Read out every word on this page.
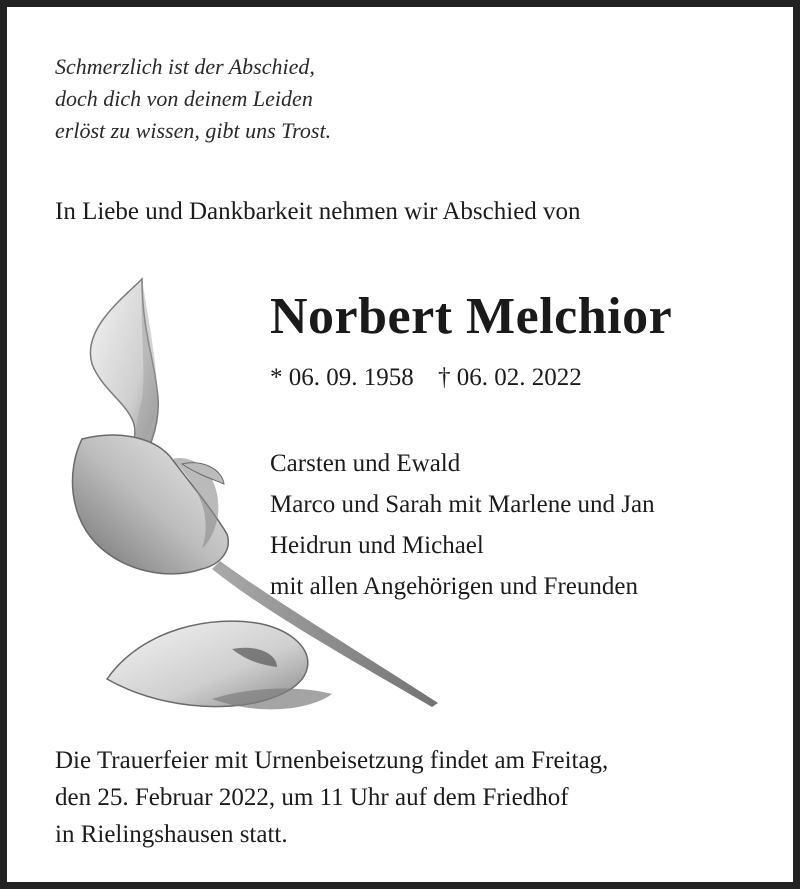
Schmerzlich ist der Abschied,
doch dich von deinem Leiden
erlöst zu wissen, gibt uns Trost.
In Liebe und Dankbarkeit nehmen wir Abschied von
Norbert Melchior
* 06. 09. 1958 † 06. 02. 2022
Carsten und Ewald
Marco und Sarah mit Marlene und Jan
Heidrun und Michael
mit allen Angehörigen und Freunden
Die Trauerfeier mit Urnenbeisetzung findet am Freitag,
den 25. Februar 2022, um 11 Uhr auf dem Friedhof
in Rielingshausen statt.
